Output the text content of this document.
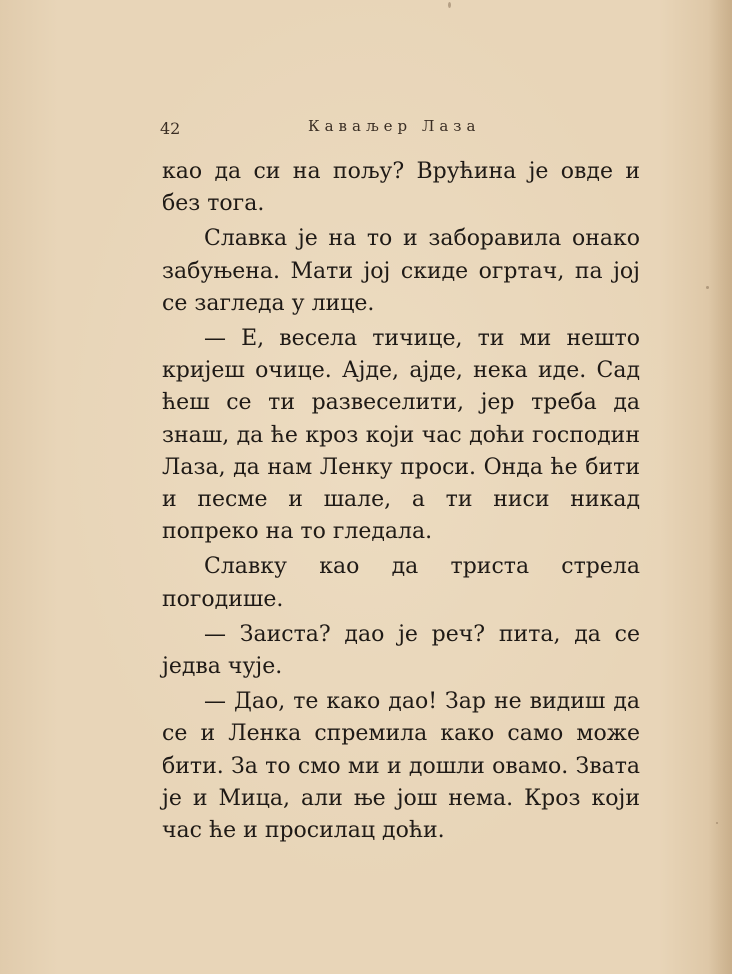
42	Каваљер Лаза

као да си на пољу? Врућина је овде и без тога.

Славка је на то и заборавила онако забуњена. Мати јој скиде огртач, па јој се загледа у лице.

— Е, весела тичице, ти ми нешто кријеш очице. Ајде, ајде, нека иде. Сад ћеш се ти развеселити, јер треба да знаш, да ће кроз који час доћи господин Лаза, да нам Ленку проси. Онда ће бити и песме и шале, а ти ниси никад попреко на то гледала.

Славку као да триста стрела погодише.

— Заиста? дао је реч? пита, да се једва чује.

— Дао, те како дао! Зар не видиш да се и Ленка спремила како само може бити. За то смо ми и дошли овамо. Звата је и Мица, али ње још нема. Кроз који час ће и просилац доћи.
